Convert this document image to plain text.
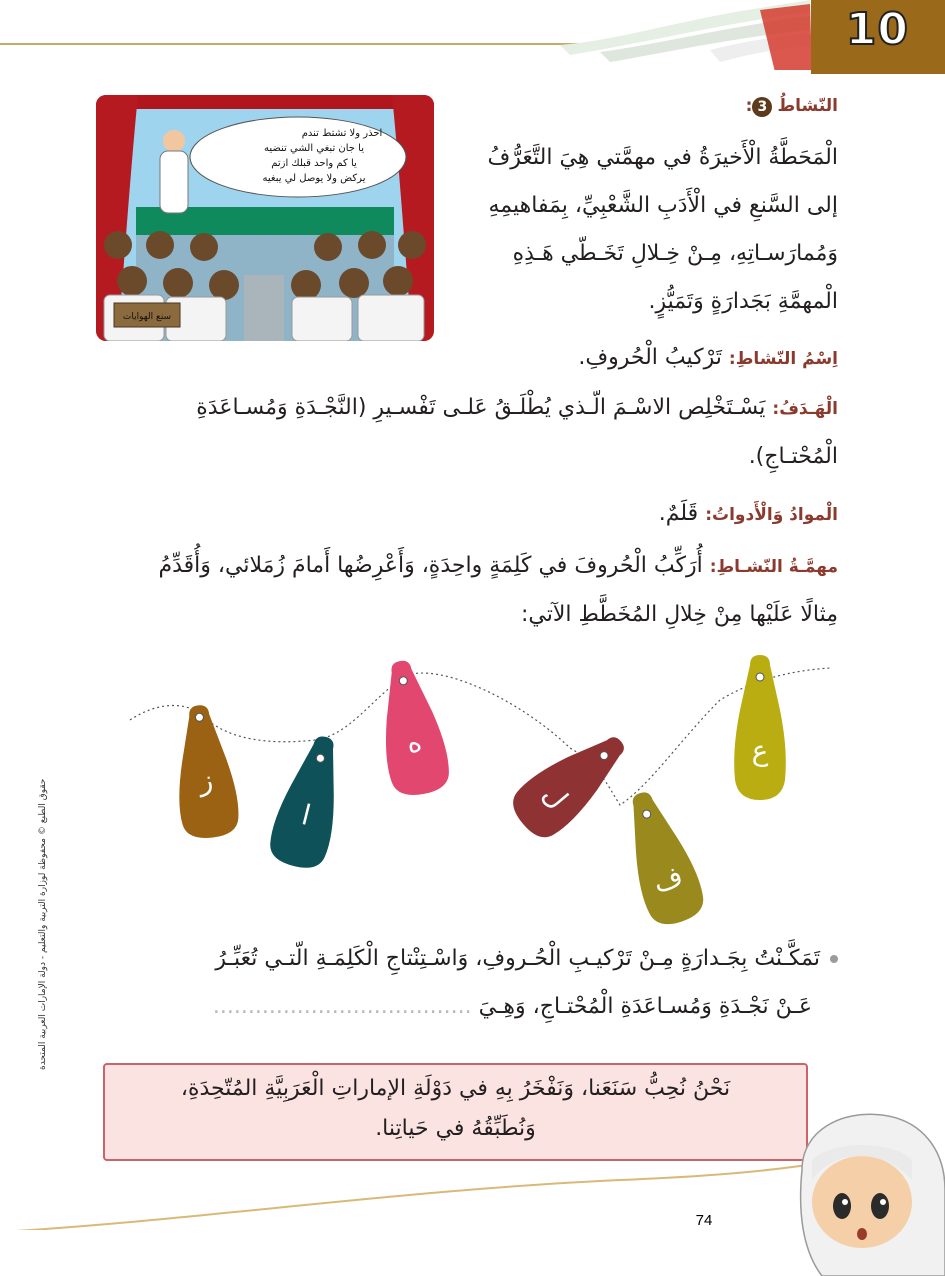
10
احذر ولا تشتط تندم
يا جان تبغي الشي تنضيه
يا كم واحد قبلك ازتم
يركض ولا يوصل لي يبغيه
سنع الهوايات
النّشاطُ 3:
الْمَحَطَّةُ الْأَخيرَةُ في مهمَّتي هِيَ التَّعَرُّفُ
إلى السَّنعِ في الْأَدَبِ الشَّعْبِيِّ، بِمَفاهيمِهِ
وَمُمارَسـاتِهِ، مِـنْ خِـلالِ تَخَـطّي هَـذِهِ
الْمهمَّةِ بَجَدارَةٍ وَتَمَيُّزٍ.
اِسْمُ النّشاطِ: تَرْكيبُ الْحُروفِ.
الْهَـدَفُ: يَسْـتَخْلِص الاسْـمَ الّـذي يُطْلَـقُ عَلـى تَفْسـيرِ (النَّجْـدَةِ وَمُسـاعَدَةِ
الْمُحْتـاجِ).
الْموادُ وَالْأَدواتُ: قَلَمٌ.
مهمَّـةُ النّشـاطِ: أُرَكِّبُ الْحُروفَ في كَلِمَةٍ واحِدَةٍ، وَأَعْرِضُها أَمامَ زُمَلائي، وَأُقَدِّمُ
مِثالًا عَلَيْها مِنْ خِلالِ المُخَطَّطِ الآتي:
حقوق الطبع © محفوظة لوزارة التربية والتعليم - دولة الإمارات العربية المتحدة
ع
ف
ل
ه
ا
ز
تَمَكَّـنْتُ بِجَـدارَةٍ مِـنْ تَرْكيـبِ الْحُـروفِ، وَاسْـتِنْتاجِ الْكَلِمَـةِ الّتـي تُعَبِّـرُ
عَـنْ نَجْـدَةِ وَمُسـاعَدَةِ الْمُحْتـاجِ، وَهِـيَ .....................................
نَحْنُ نُحِبُّ سَنَعَنا، وَنَفْخَرُ بِهِ في دَوْلَةِ الإماراتِ الْعَرَبِيَّةِ المُتّحِدَةِ،
وَنُطَبِّقُهُ في حَياتِنا.
74
